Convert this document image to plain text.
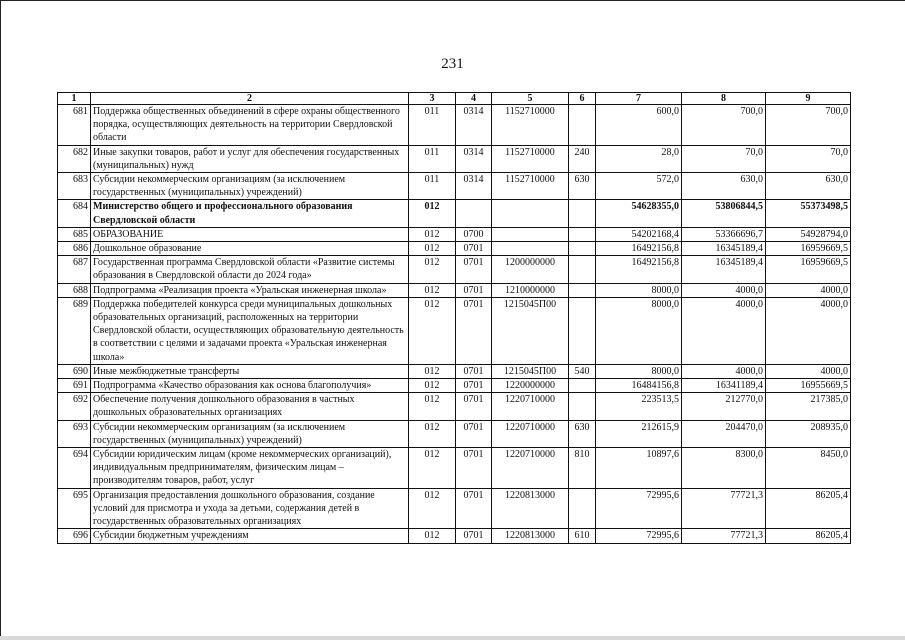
231
1	2	3	4	5	6	7	8	9
681	Поддержка общественных объединений в сфере охраны общественного порядка, осуществляющих деятельность на территории Свердловской области	011	0314	1152710000		600,0	700,0	700,0
682	Иные закупки товаров, работ и услуг для обеспечения государственных (муниципальных) нужд	011	0314	1152710000	240	28,0	70,0	70,0
683	Субсидии некоммерческим организациям (за исключением государственных (муниципальных) учреждений)	011	0314	1152710000	630	572,0	630,0	630,0
684	Министерство общего и профессионального образования Свердловской области	012				54628355,0	53806844,5	55373498,5
685	ОБРАЗОВАНИЕ	012	0700			54202168,4	53366696,7	54928794,0
686	Дошкольное образование	012	0701			16492156,8	16345189,4	16959669,5
687	Государственная программа Свердловской области «Развитие системы образования в Свердловской области до 2024 года»	012	0701	1200000000		16492156,8	16345189,4	16959669,5
688	Подпрограмма «Реализация проекта «Уральская инженерная школа»	012	0701	1210000000		8000,0	4000,0	4000,0
689	Поддержка победителей конкурса среди муниципальных дошкольных образовательных организаций, расположенных на территории Свердловской области, осуществляющих образовательную деятельность в соответствии с целями и задачами проекта «Уральская инженерная школа»	012	0701	1215045П00		8000,0	4000,0	4000,0
690	Иные межбюджетные трансферты	012	0701	1215045П00	540	8000,0	4000,0	4000,0
691	Подпрограмма «Качество образования как основа благополучия»	012	0701	1220000000		16484156,8	16341189,4	16955669,5
692	Обеспечение получения дошкольного образования в частных дошкольных образовательных организациях	012	0701	1220710000		223513,5	212770,0	217385,0
693	Субсидии некоммерческим организациям (за исключением государственных (муниципальных) учреждений)	012	0701	1220710000	630	212615,9	204470,0	208935,0
694	Субсидии юридическим лицам (кроме некоммерческих организаций), индивидуальным предпринимателям, физическим лицам – производителям товаров, работ, услуг	012	0701	1220710000	810	10897,6	8300,0	8450,0
695	Организация предоставления дошкольного образования, создание условий для присмотра и ухода за детьми, содержания детей в государственных образовательных организациях	012	0701	1220813000		72995,6	77721,3	86205,4
696	Субсидии бюджетным учреждениям	012	0701	1220813000	610	72995,6	77721,3	86205,4
